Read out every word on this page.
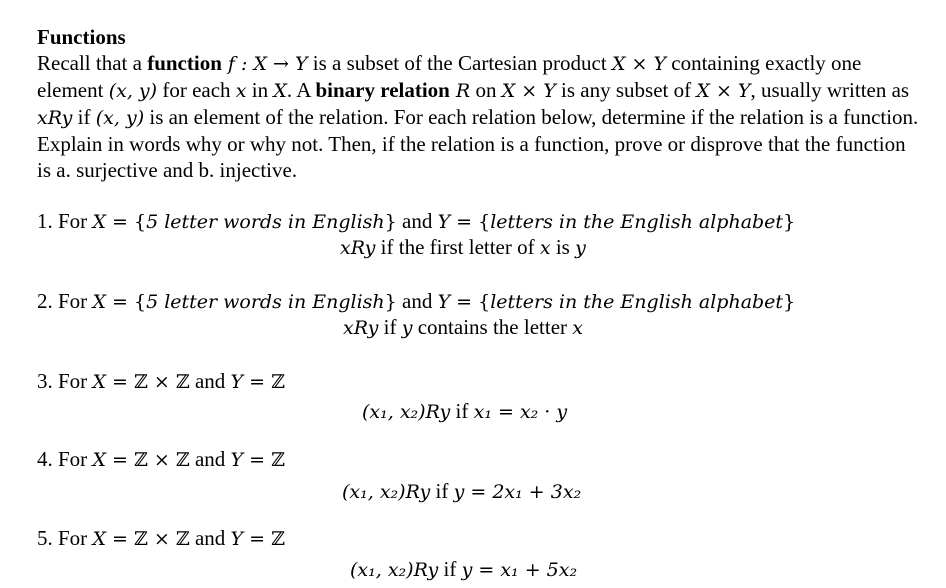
Functions

Recall that a function f : X → Y is a subset of the Cartesian product X × Y containing exactly one element (x, y) for each x in X. A binary relation R on X × Y is any subset of X × Y, usually written as xRy if (x, y) is an element of the relation. For each relation below, determine if the relation is a function. Explain in words why or why not. Then, if the relation is a function, prove or disprove that the function is a. surjective and b. injective.

1. For X = {5 letter words in English} and Y = {letters in the English alphabet}
xRy if the first letter of x is y
2. For X = {5 letter words in English} and Y = {letters in the English alphabet}
xRy if y contains the letter x
3. For X = ℤ × ℤ and Y = ℤ
(x₁, x₂)Ry if x₁ = x₂ · y
4. For X = ℤ × ℤ and Y = ℤ
(x₁, x₂)Ry if y = 2x₁ + 3x₂
5. For X = ℤ × ℤ and Y = ℤ
(x₁, x₂)Ry if y = x₁ + 5x₂
